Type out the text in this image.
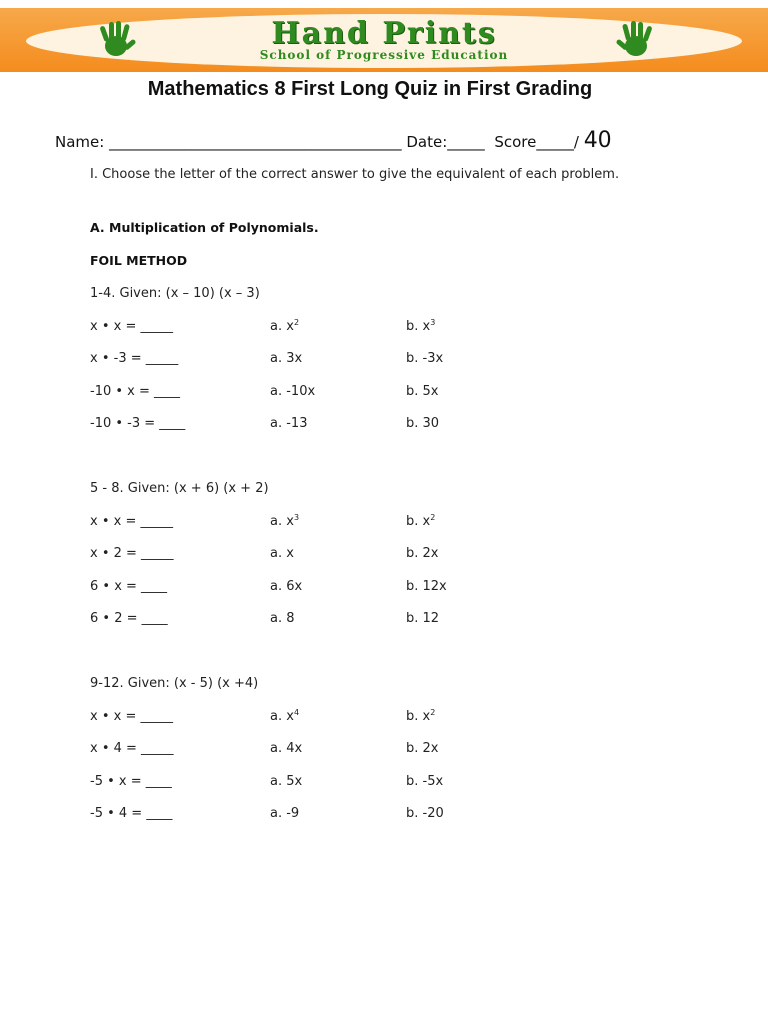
Hand Prints
School of Progressive Education
Mathematics 8 First Long Quiz in First Grading
Name: _______________________________________ Date:_____ Score_____/ 40
I. Choose the letter of the correct answer to give the equivalent of each problem.
A. Multiplication of Polynomials.
FOIL METHOD
1-4. Given: (x – 10) (x – 3)
x • x = _____	a. $x^2$	b. $x^3$
x • -3 = _____	a. 3x	b. -3x
-10 • x = ____	a. -10x	b. 5x
-10 • -3 = ____	a. -13	b. 30
5 - 8. Given: (x + 6) (x + 2)
x • x = _____	a. $x^3$	b. $x^2$
x • 2 = _____	a. x	b. 2x
6 • x = ____	a. 6x	b. 12x
6 • 2 = ____	a. 8	b. 12
9-12. Given: (x - 5) (x +4)
x • x = _____	a. $x^4$	b. $x^2$
x • 4 = _____	a. 4x	b. 2x
-5 • x = ____	a. 5x	b. -5x
-5 • 4 = ____	a. -9	b. -20
